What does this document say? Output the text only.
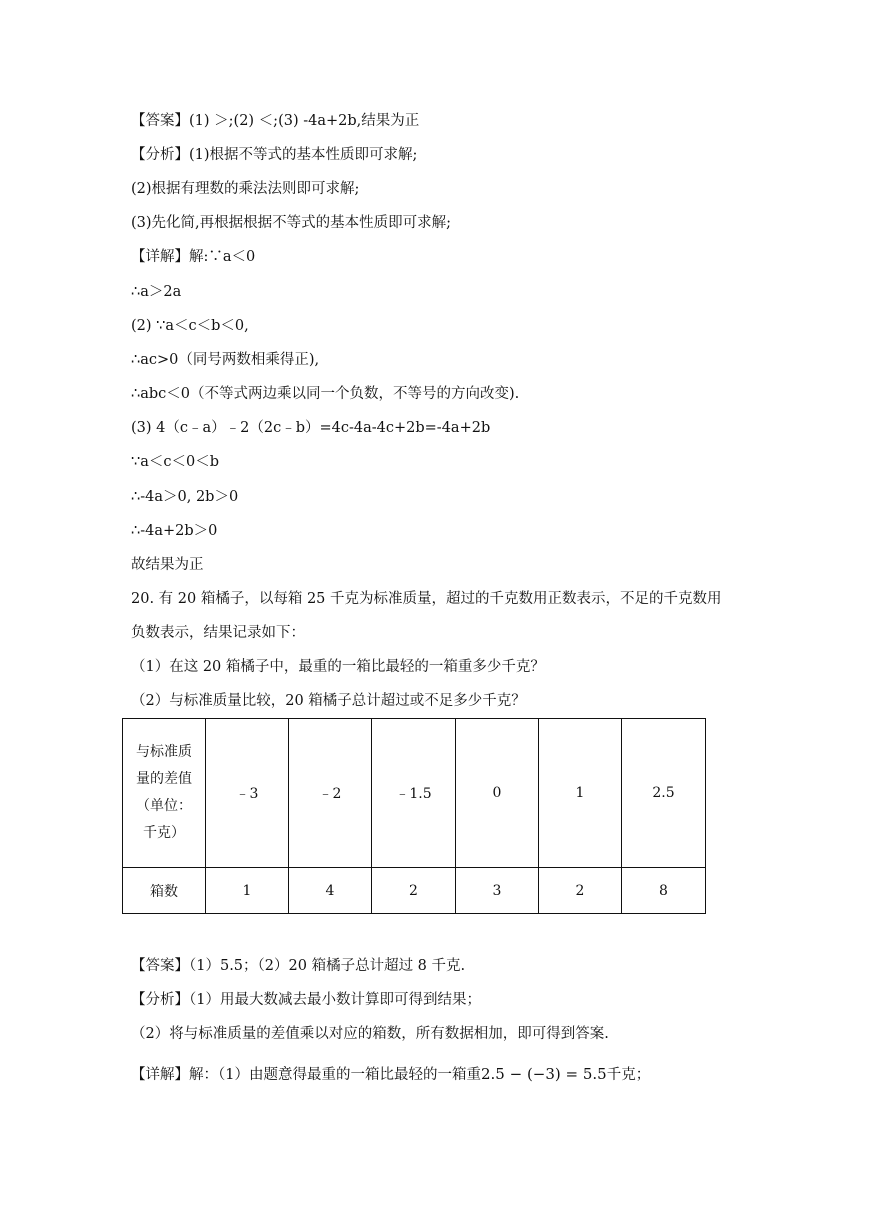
【答案】(1) ＞;(2) ＜;(3) -4a+2b,结果为正
【分析】(1)根据不等式的基本性质即可求解;
(2)根据有理数的乘法法则即可求解;
(3)先化简,再根据根据不等式的基本性质即可求解;
【详解】解:∵a＜0
∴a＞2a
(2) ∵a＜c＜b＜0,
∴ac>0（同号两数相乘得正),
∴abc＜0（不等式两边乘以同一个负数，不等号的方向改变).
(3) 4（c﹣a）﹣2（2c﹣b）=4c-4a-4c+2b=-4a+2b
∵a＜c＜0＜b
∴-4a＞0, 2b＞0
∴-4a+2b＞0
故结果为正
20. 有 20 箱橘子，以每箱 25 千克为标准质量，超过的千克数用正数表示，不足的千克数用
负数表示，结果记录如下：
（1）在这 20 箱橘子中，最重的一箱比最轻的一箱重多少千克？
（2）与标准质量比较，20 箱橘子总计超过或不足多少千克？
与标准质
量的差值
（单位：
千克）	﹣3	﹣2	﹣1.5	0	1	2.5
箱数	1	4	2	3	2	8
【答案】（1）5.5；（2）20 箱橘子总计超过 8 千克.
【分析】（1）用最大数减去最小数计算即可得到结果；
（2）将与标准质量的差值乘以对应的箱数，所有数据相加，即可得到答案.
【详解】解：（1）由题意得最重的一箱比最轻的一箱重2.5 − (−3) = 5.5千克；
